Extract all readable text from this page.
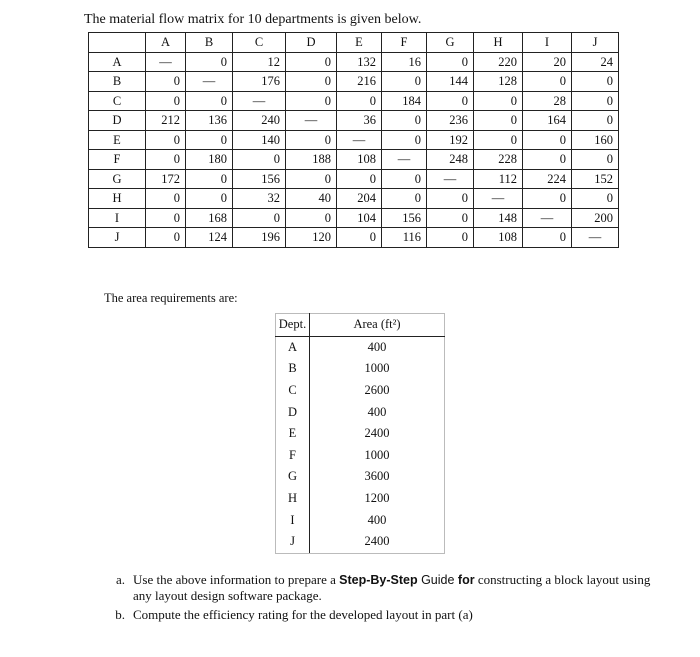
The material flow matrix for 10 departments is given below.
	A	B	C	D	E	F	G	H	I	J
A	—	0	12	0	132	16	0	220	20	24
B	0	—	176	0	216	0	144	128	0	0
C	0	0	—	0	0	184	0	0	28	0
D	212	136	240	—	36	0	236	0	164	0
E	0	0	140	0	—	0	192	0	0	160
F	0	180	0	188	108	—	248	228	0	0
G	172	0	156	0	0	0	—	112	224	152
H	0	0	32	40	204	0	0	—	0	0
I	0	168	0	0	104	156	0	148	—	200
J	0	124	196	120	0	116	0	108	0	—
The area requirements are:
Dept.	Area (ft²)
A	400
B	1000
C	2600
D	400
E	2400
F	1000
G	3600
H	1200
I	400
J	2400
a. Use the above information to prepare a Step-By-Step Guide for constructing a block layout using any layout design software package.
b. Compute the efficiency rating for the developed layout in part (a)
